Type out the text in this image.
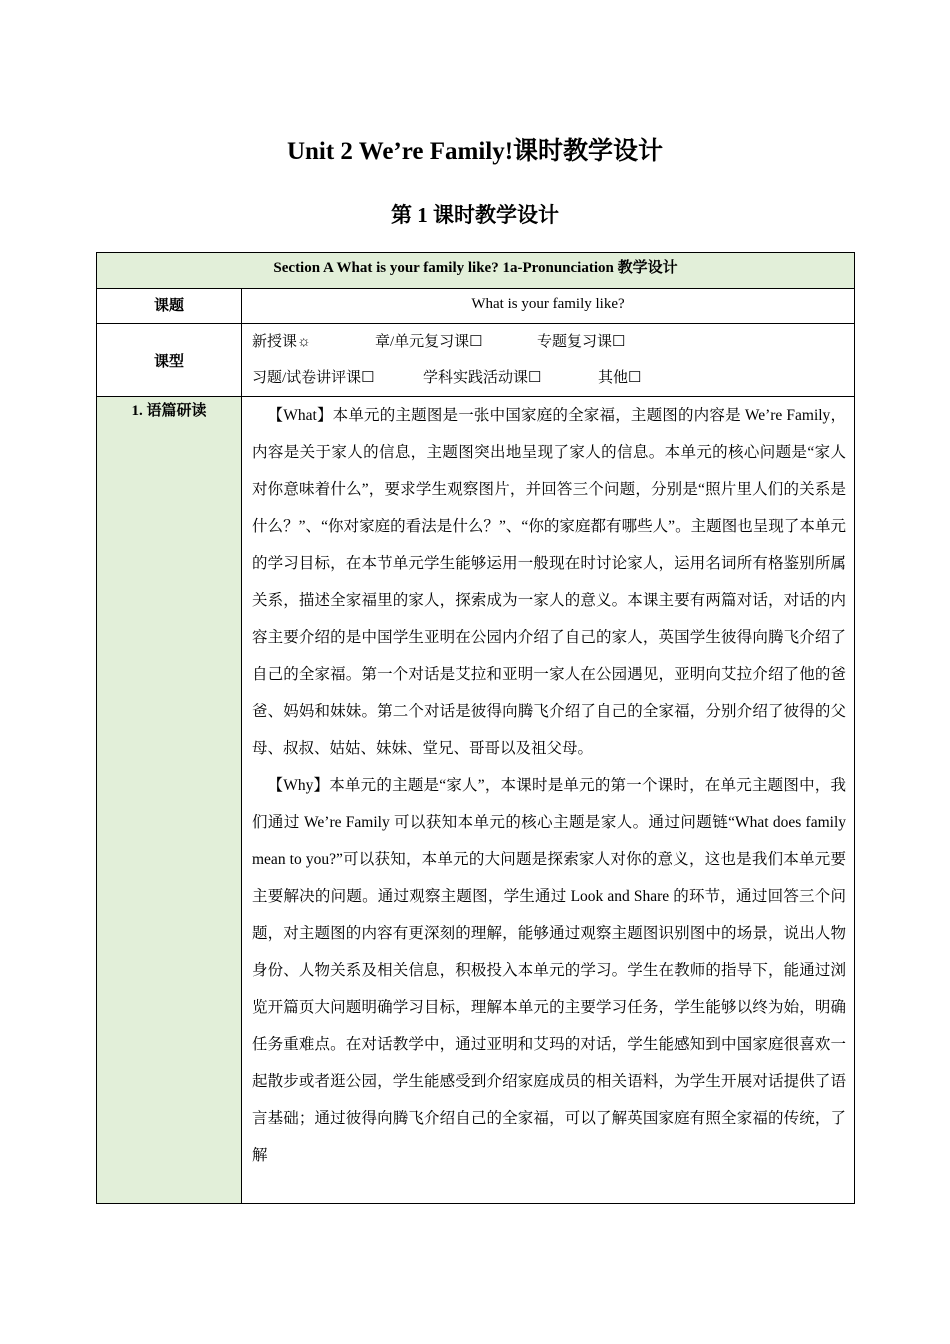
Unit 2 We’re Family!课时教学设计
第 1 课时教学设计
Section A What is your family like? 1a-Pronunciation 教学设计	
课题	What is your family like?
课型	新授课☼ 章/单元复习课☐ 专题复习课☐
习题/试卷讲评课☐ 学科实践活动课☐ 其他☐

1. 语篇研读	【What】本单元的主题图是一张中国家庭的全家福，主题图的内容是 We’re Family，内容是关于家人的信息，主题图突出地呈现了家人的信息。本单元的核心问题是“家人对你意味着什么”，要求学生观察图片，并回答三个问题，分别是“照片里人们的关系是什么？”、“你对家庭的看法是什么？”、“你的家庭都有哪些人”。主题图也呈现了本单元的学习目标，在本节单元学生能够运用一般现在时讨论家人，运用名词所有格鉴别所属关系，描述全家福里的家人，探索成为一家人的意义。本课主要有两篇对话，对话的内容主要介绍的是中国学生亚明在公园内介绍了自己的家人，英国学生彼得向腾飞介绍了自己的全家福。第一个对话是艾拉和亚明一家人在公园遇见，亚明向艾拉介绍了他的爸爸、妈妈和妹妹。第二个对话是彼得向腾飞介绍了自己的全家福，分别介绍了彼得的父母、叔叔、姑姑、妹妹、堂兄、哥哥以及祖父母。

【Why】本单元的主题是“家人”，本课时是单元的第一个课时，在单元主题图中，我们通过 We’re Family 可以获知本单元的核心主题是家人。通过问题链“What does family mean to you?”可以获知，本单元的大问题是探索家人对你的意义，这也是我们本单元要主要解决的问题。通过观察主题图，学生通过 Look and Share 的环节，通过回答三个问题，对主题图的内容有更深刻的理解，能够通过观察主题图识别图中的场景，说出人物身份、人物关系及相关信息，积极投入本单元的学习。学生在教师的指导下，能通过浏览开篇页大问题明确学习目标，理解本单元的主要学习任务，学生能够以终为始，明确任务重难点。在对话教学中，通过亚明和艾玛的对话，学生能感知到中国家庭很喜欢一起散步或者逛公园，学生能感受到介绍家庭成员的相关语料，为学生开展对话提供了语言基础；通过彼得向腾飞介绍自己的全家福，可以了解英国家庭有照全家福的传统，了解
